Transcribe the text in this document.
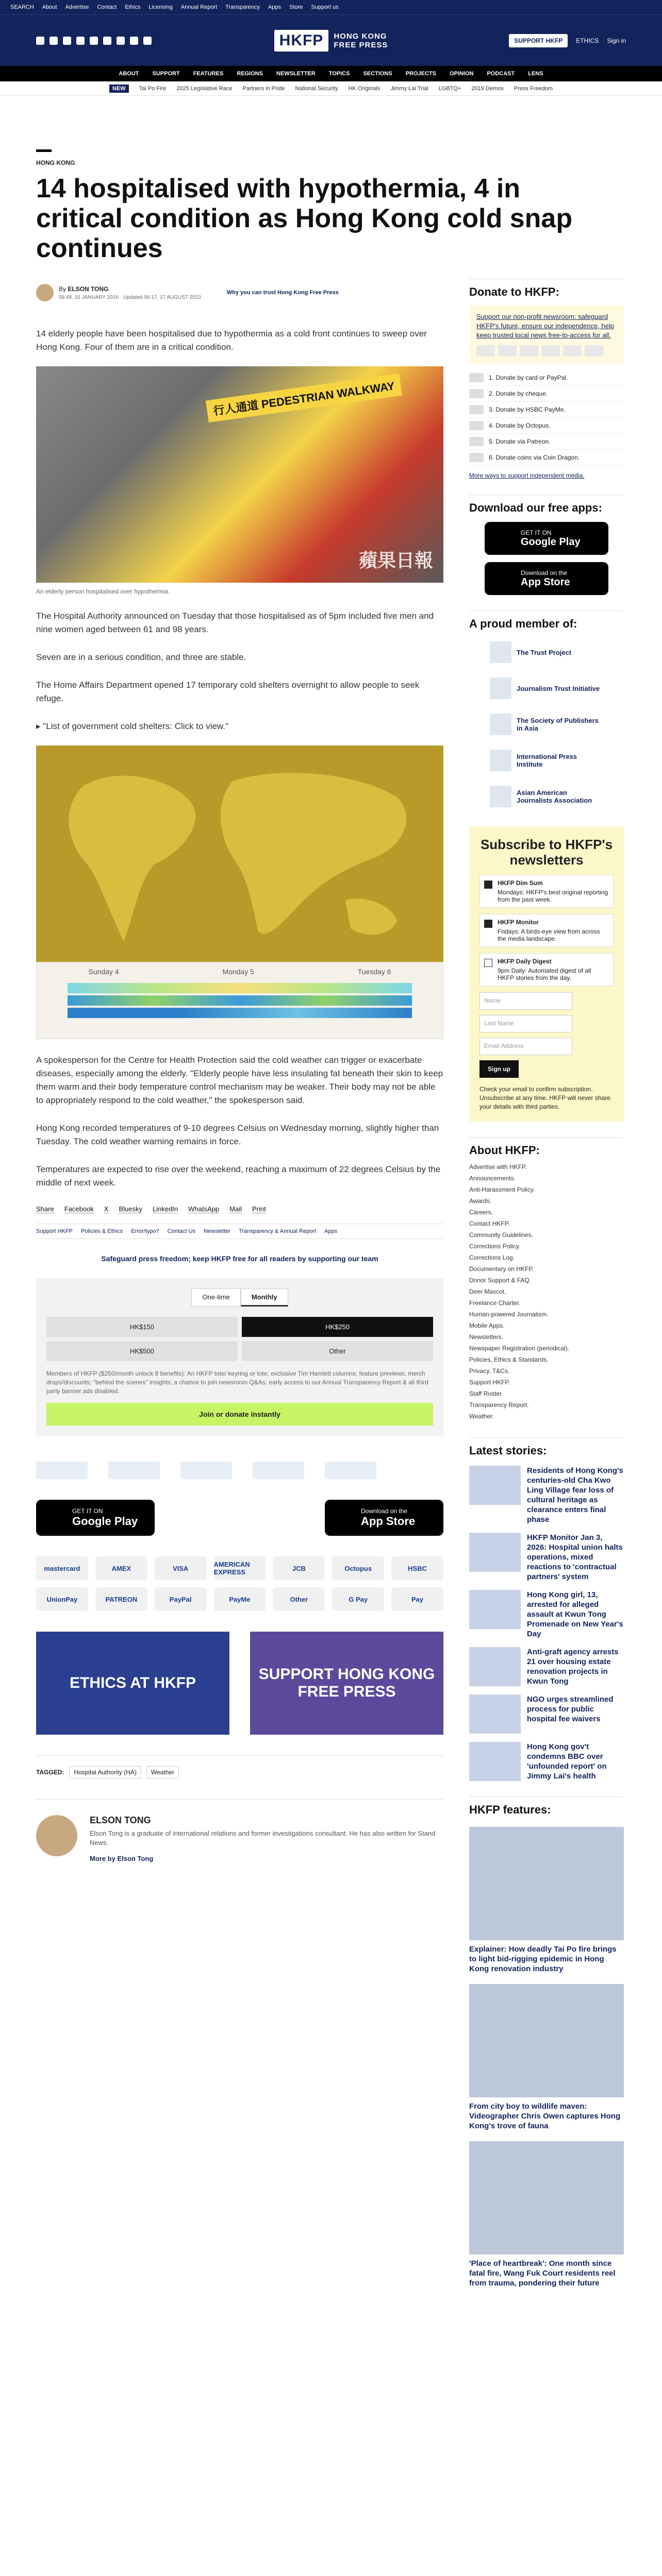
SEARCH About Advertise Contact Ethics Licensing Annual Report Transparency Apps Store Support us
HKFP	HONG KONG
FREE PRESS	SUPPORT HKFP	ETHICS Sign in
ABOUT SUPPORT FEATURES REGIONS NEWSLETTER TOPICS SECTIONS PROJECTS OPINION PODCAST LENS
NEW	Tai Po Fire 2025 Legislative Race Partners in Pride National Security HK Originals Jimmy Lai Trial LGBTQ+ 2019 Demos Press Freedom
HONG KONG
14 hospitalised with hypothermia, 4 in critical condition as Hong Kong cold snap continues
By ELSON TONG
09:49, 16 JANUARY 2016 · Updated 06:17, 17 AUGUST 2023
Why you can trust Hong Kong Free Press

14 elderly people have been hospitalised due to hypothermia as a cold front continues to sweep over Hong Kong. Four of them are in a critical condition.

行人通道 PEDESTRIAN WALKWAY
蘋果日報
An elderly person hospitalised over hypothermia.

The Hospital Authority announced on Tuesday that those hospitalised as of 5pm included five men and nine women aged between 61 and 98 years.

Seven are in a serious condition, and three are stable.

The Home Affairs Department opened 17 temporary cold shelters overnight to allow people to seek refuge.

▸ "List of government cold shelters: Click to view."

Sunday 4	Monday 5	Tuesday 6

A spokesperson for the Centre for Health Protection said the cold weather can trigger or exacerbate diseases, especially among the elderly. "Elderly people have less insulating fat beneath their skin to keep them warm and their body temperature control mechanism may be weaker. Their body may not be able to appropriately respond to the cold weather," the spokesperson said.

Hong Kong recorded temperatures of 9-10 degrees Celsius on Wednesday morning, slightly higher than Tuesday. The cold weather warning remains in force.

Temperatures are expected to rise over the weekend, reaching a maximum of 22 degrees Celsius by the middle of next week.

Share Facebook X Bluesky LinkedIn WhatsApp Mail Print
Support HKFP Policies & Ethics Error/typo? Contact Us Newsletter Transparency & Annual Report Apps
Safeguard press freedom; keep HKFP free for all readers by supporting our team
One-time	Monthly
HK$150	HK$250
HK$500	Other
Members of HKFP ($250/month unlock 8 benefits): An HKFP tote/ keyring or tote; exclusive Tim Hamlett columns; feature previews; merch drops/discounts; "behind the scenes" insights; a chance to join newsroom Q&As; early access to our Annual Transparency Report & all third party banner ads disabled.
Join or donate instantly
GET IT ON
Google Play
Download on the
App Store
mastercard	AMEX	VISA	AMERICAN EXPRESS	JCB	Octopus	HSBC
UnionPay	PATREON	PayPal	PayMe	Other	G Pay	Pay
ETHICS AT HKFP
SUPPORT HONG KONG FREE PRESS
TAGGED:	Hospital Authority (HA)	Weather
ELSON TONG

Elson Tong is a graduate of international relations and former investigations consultant. He has also written for Stand News.

More by Elson Tong
Donate to HKFP:
Support our non-profit newsroom: safeguard HKFP's future, ensure our independence, help keep trusted local news free-to-access for all.
1. Donate by card or PayPal.
2. Donate by cheque.
3. Donate by HSBC PayMe.
4. Donate by Octopus.
5. Donate via Patreon.
6. Donate coins via Coin Dragon.
More ways to support independent media.
Download our free apps:
GET IT ON
Google Play
Download on the
App Store
A proud member of:
The Trust Project
Journalism Trust Initiative
The Society of Publishers in Asia
International Press Institute
Asian American Journalists Association
Subscribe to HKFP's newsletters
HKFP Dim Sum
Mondays: HKFP's best original reporting from the past week.
HKFP Monitor
Fridays: A birds-eye view from across the media landscape.
HKFP Daily Digest
9pm Daily: Automated digest of all HKFP stories from the day.
Name
Last Name
Email Address
Sign up
Check your email to confirm subscription. Unsubscribe at any time. HKFP will never share your details with third parties.
About HKFP:
Advertise with HKFP.
Announcements.
Anti-Harassment Policy.
Awards.
Careers.
Contact HKFP.
Community Guidelines.
Corrections Policy.
Corrections Log.
Documentary on HKFP.
Donor Support & FAQ.
Deer Mascot.
Freelance Charter.
Human-powered Journalism.
Mobile Apps.
Newsletters.
Newspaper Registration (periodical).
Policies, Ethics & Standards.
Privacy, T&Cs.
Support HKFP.
Staff Roster.
Transparency Report.
Weather.
Latest stories:
Residents of Hong Kong's centuries-old Cha Kwo Ling Village fear loss of cultural heritage as clearance enters final phase
HKFP Monitor Jan 3, 2026: Hospital union halts operations, mixed reactions to 'contractual partners' system
Hong Kong girl, 13, arrested for alleged assault at Kwun Tong Promenade on New Year's Day
Anti-graft agency arrests 21 over housing estate renovation projects in Kwun Tong
NGO urges streamlined process for public hospital fee waivers
Hong Kong gov't condemns BBC over 'unfounded report' on Jimmy Lai's health
HKFP features:
Explainer: How deadly Tai Po fire brings to light bid-rigging epidemic in Hong Kong renovation industry
From city boy to wildlife maven: Videographer Chris Owen captures Hong Kong's trove of fauna
'Place of heartbreak': One month since fatal fire, Wang Fuk Court residents reel from trauma, pondering their future
